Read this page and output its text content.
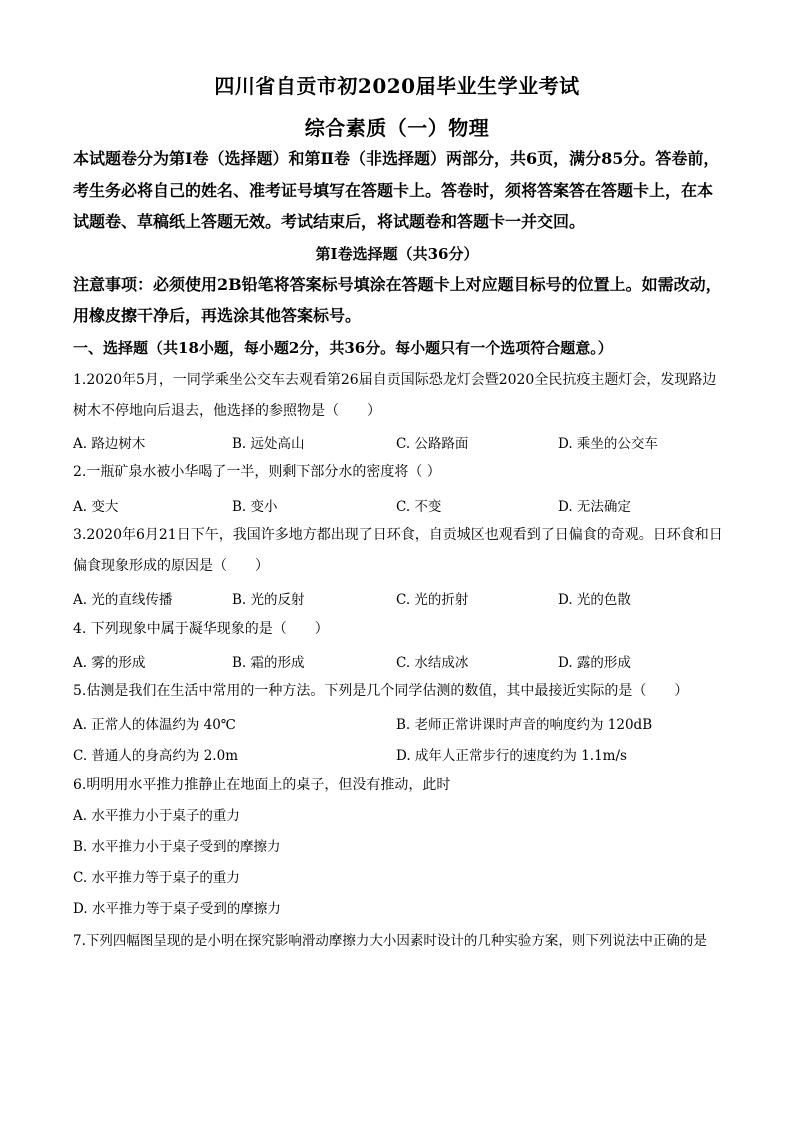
四川省自贡市初2020届毕业生学业考试
综合素质（一）物理
本试题卷分为第Ⅰ卷（选择题）和第Ⅱ卷（非选择题）两部分，共6页，满分85分。答卷前，
考生务必将自己的姓名、准考证号填写在答题卡上。答卷时，须将答案答在答题卡上，在本
试题卷、草稿纸上答题无效。考试结束后，将试题卷和答题卡一并交回。
第Ⅰ卷选择题（共36分）
注意事项：必须使用2B铅笔将答案标号填涂在答题卡上对应题目标号的位置上。如需改动，
用橡皮擦干净后，再选涂其他答案标号。
一、选择题（共18小题，每小题2分，共36分。每小题只有一个选项符合题意。）
1.2020年5月，一同学乘坐公交车去观看第26届自贡国际恐龙灯会暨2020全民抗疫主题灯会，发现路边
树木不停地向后退去，他选择的参照物是（　　）
A. 路边树木	B. 远处高山	C. 公路路面	D. 乘坐的公交车
2.一瓶矿泉水被小华喝了一半，则剩下部分水的密度将（ ）
A. 变大	B. 变小	C. 不变	D. 无法确定
3.2020年6月21日下午，我国许多地方都出现了日环食，自贡城区也观看到了日偏食的奇观。日环食和日
偏食现象形成的原因是（　　）
A. 光的直线传播	B. 光的反射	C. 光的折射	D. 光的色散
4. 下列现象中属于凝华现象的是（　　）
A. 雾的形成	B. 霜的形成	C. 水结成冰	D. 露的形成
5.估测是我们在生活中常用的一种方法。下列是几个同学估测的数值，其中最接近实际的是（　　）
A. 正常人的体温约为 40℃	B. 老师正常讲课时声音的响度约为 120dB
C. 普通人的身高约为 2.0m	D. 成年人正常步行的速度约为 1.1m/s
6.明明用水平推力推静止在地面上的桌子，但没有推动，此时
A. 水平推力小于桌子的重力
B. 水平推力小于桌子受到的摩擦力
C. 水平推力等于桌子的重力
D. 水平推力等于桌子受到的摩擦力
7.下列四幅图呈现的是小明在探究影响滑动摩擦力大小因素时设计的几种实验方案，则下列说法中正确的是
